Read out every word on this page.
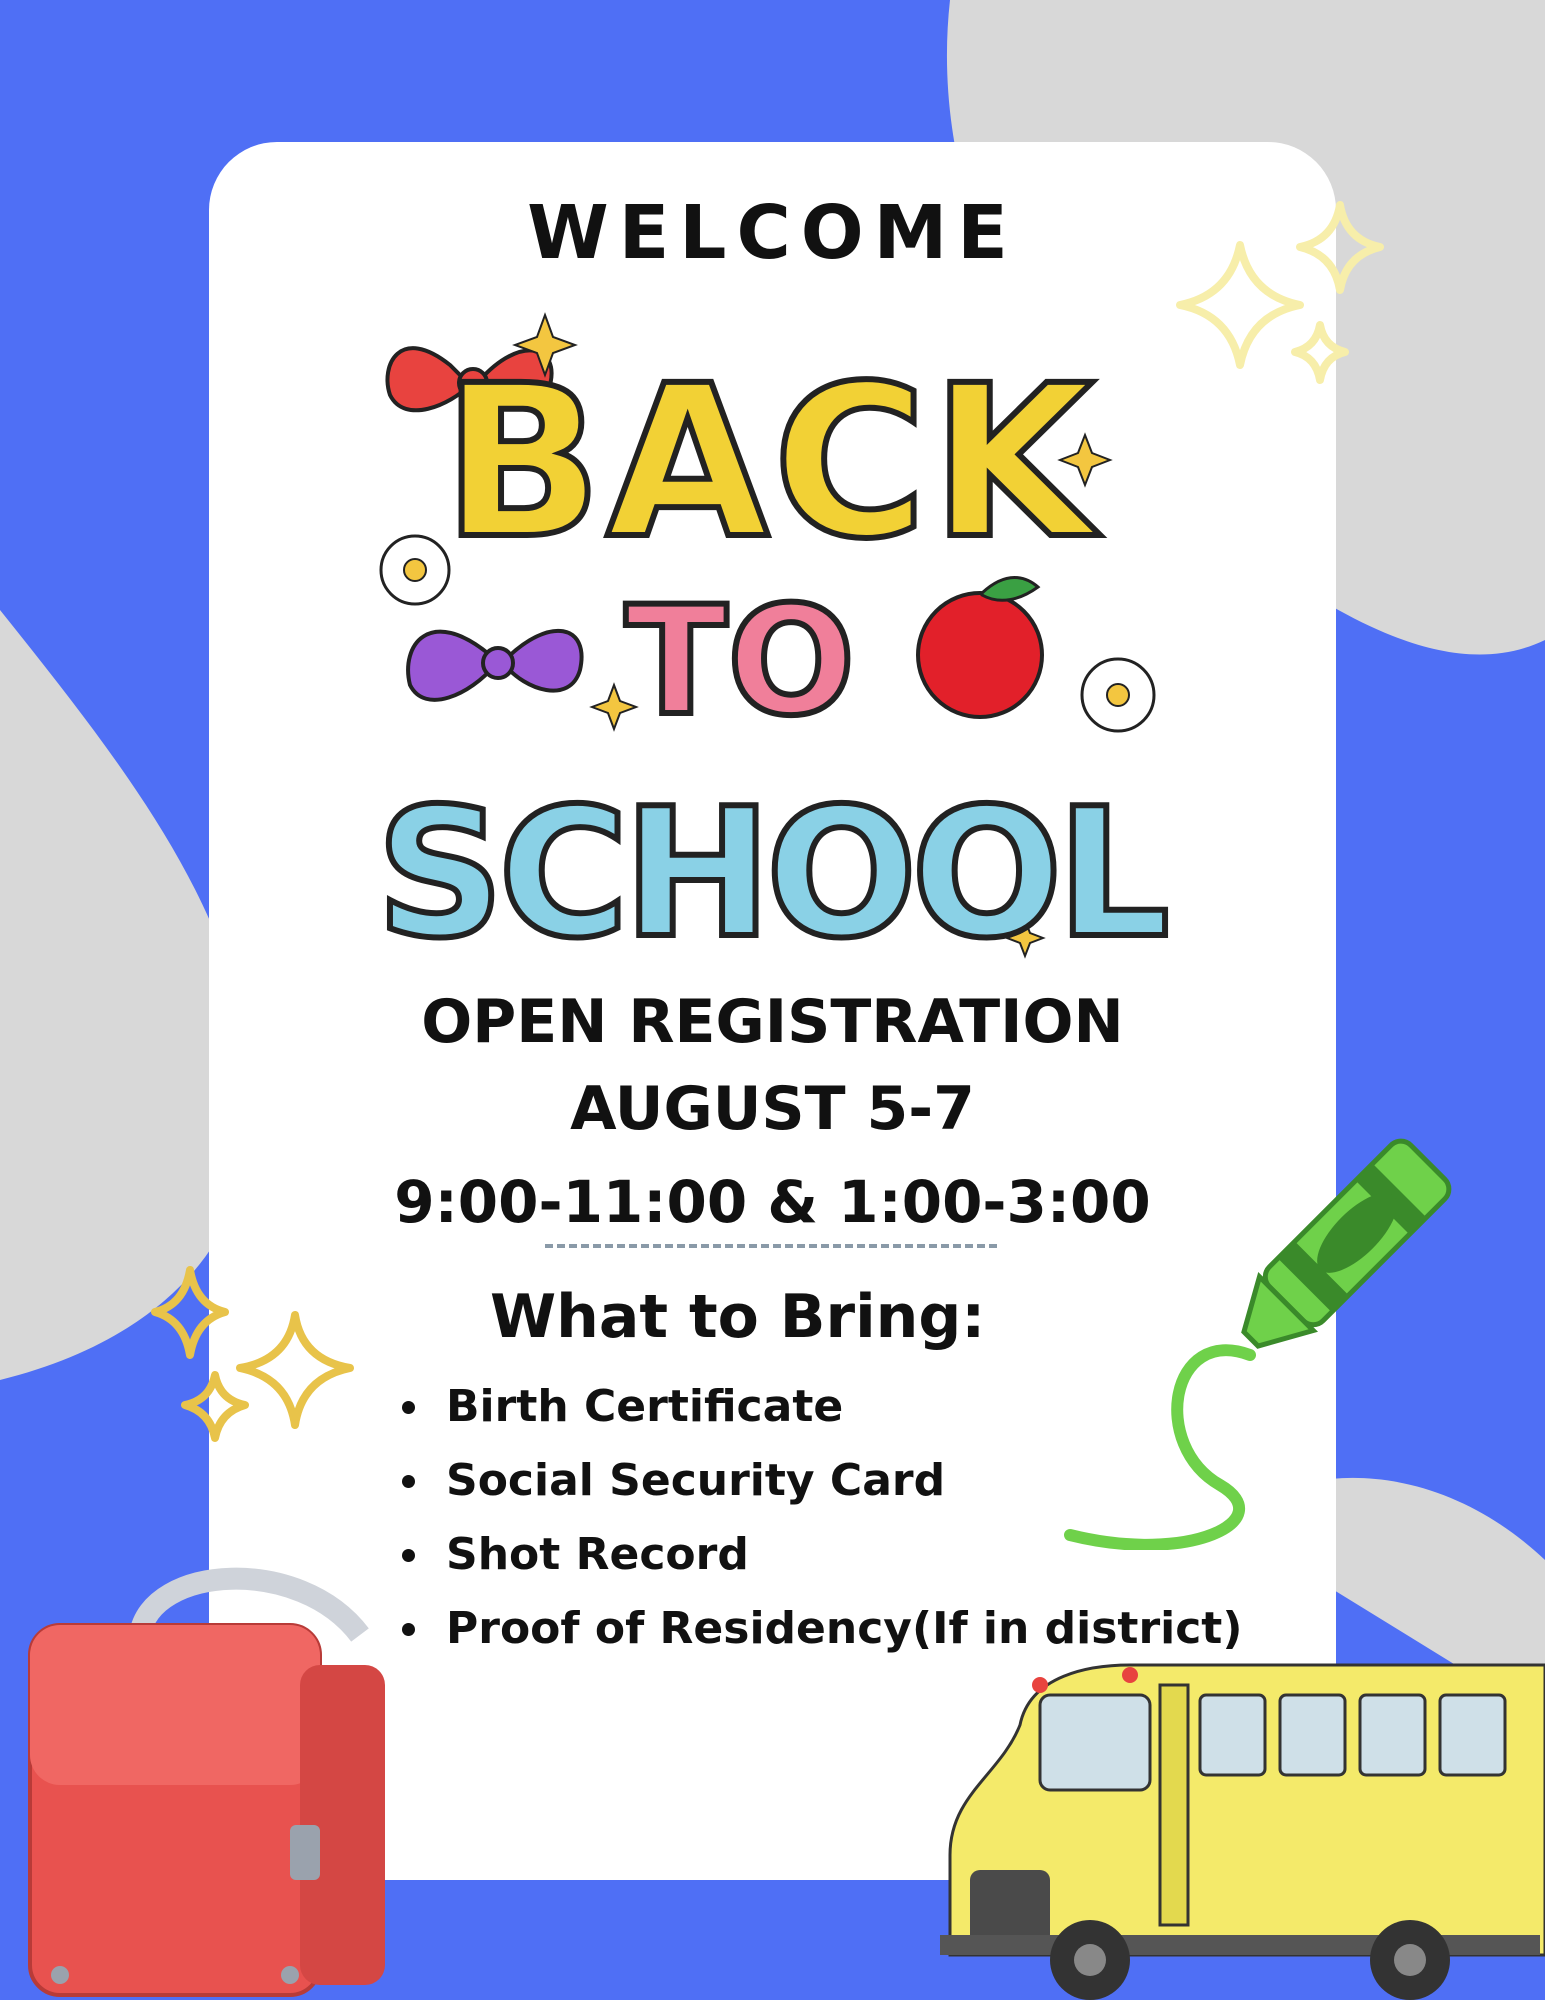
WELCOME
BACK
TO
SCHOOL
OPEN REGISTRATION
AUGUST 5-7
9:00-11:00 & 1:00-3:00
What to Bring:
Birth Certificate
Social Security Card
Shot Record
Proof of Residency(If in district)
